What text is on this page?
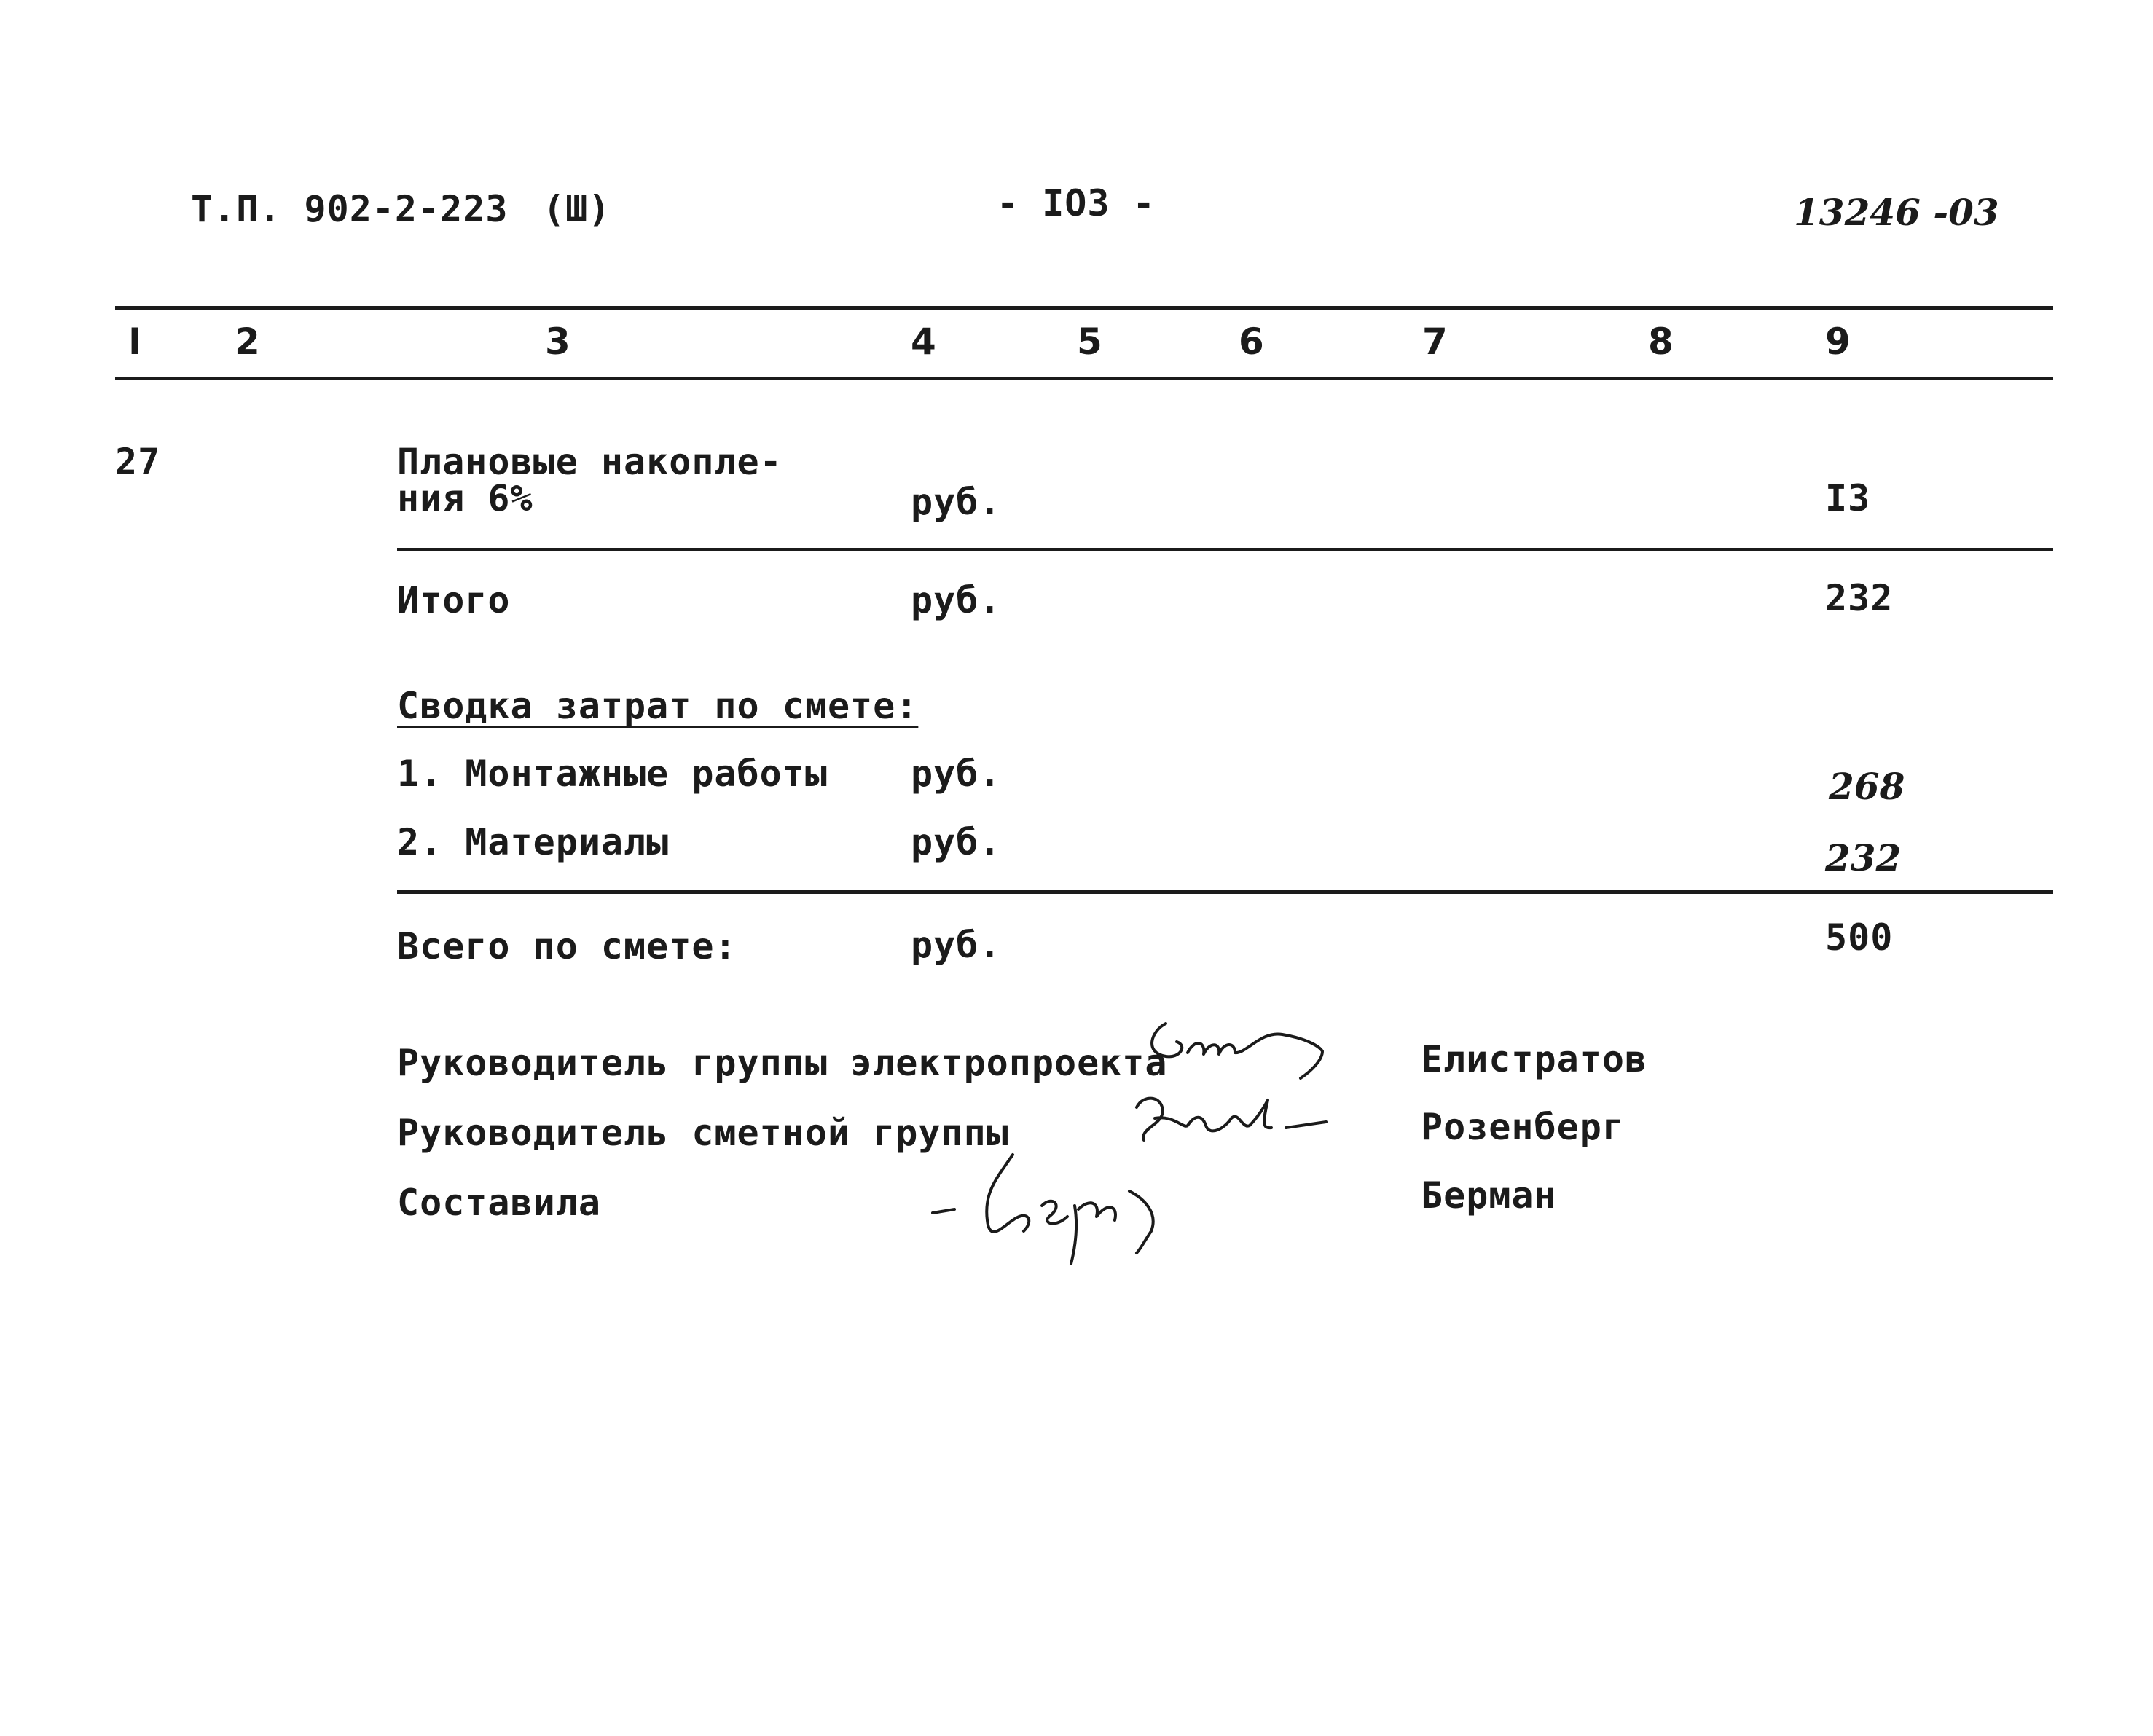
Т.П. 902-2-223 (Ш)	- IO3 -	13246 -03
I	2	3	4	5	6	7	8	9
27	Плановые накопле-
ния 6%	руб.	I3
Итого	руб.	232
Сводка затрат по смете:
1. Монтажные работы руб.	268
2. Материалы	руб.	232
Всего по смете:	руб.	500
Руководитель группы электропроекта	Елистратов
Руководитель сметной группы	Розенберг
Составила	Берман
